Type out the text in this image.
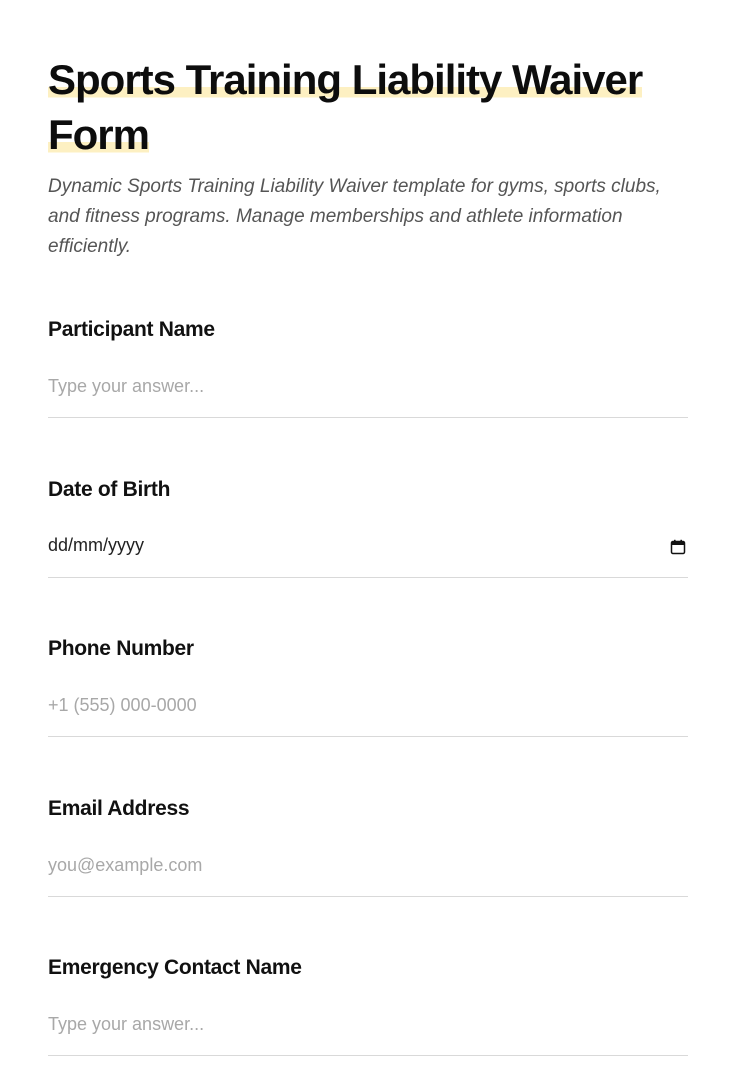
Sports Training Liability Waiver Form

Dynamic Sports Training Liability Waiver template for gyms, sports clubs, and fitness programs. Manage memberships and athlete information efficiently.

Participant Name
Type your answer...
Date of Birth
dd/mm/yyyy
Phone Number
+1 (555) 000-0000
Email Address
you@example.com
Emergency Contact Name
Type your answer...
